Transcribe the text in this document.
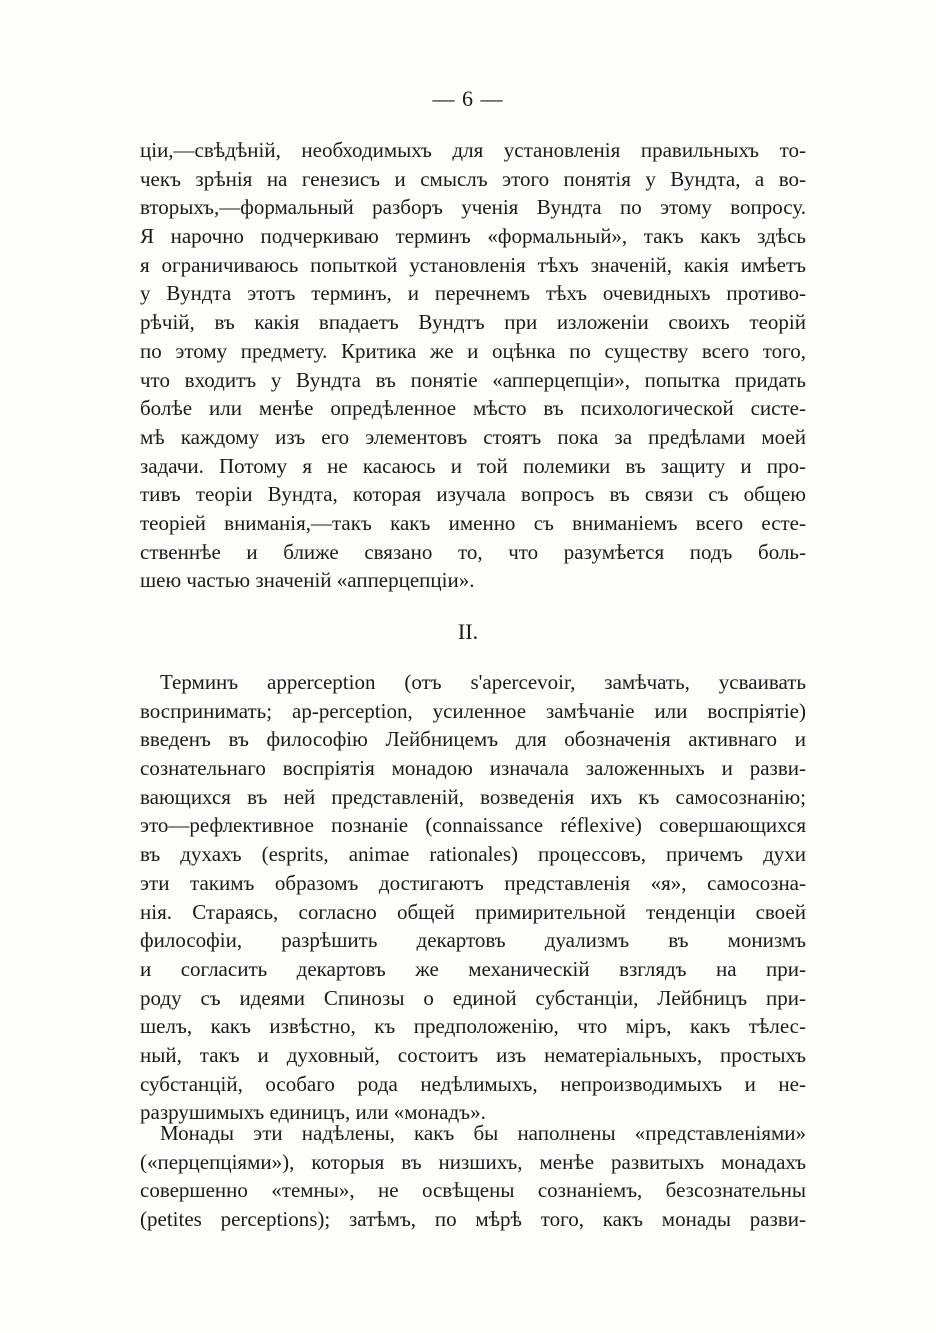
— 6 —
ціи,—свѣдѣній, необходимыхъ для установленія правильныхъ то-
чекъ зрѣнія на генезисъ и смыслъ этого понятія у Вундта, а во-
вторыхъ,—формальный разборъ ученія Вундта по этому вопросу.
Я нарочно подчеркиваю терминъ «формальный», такъ какъ здѣсь
я ограничиваюсь попыткой установленія тѣхъ значеній, какія имѣетъ
у Вундта этотъ терминъ, и перечнемъ тѣхъ очевидныхъ противо-
рѣчій, въ какія впадаетъ Вундтъ при изложеніи своихъ теорій
по этому предмету. Критика же и оцѣнка по существу всего того,
что входитъ у Вундта въ понятіе «апперцепціи», попытка придать
болѣе или менѣе опредѣленное мѣсто въ психологической систе-
мѣ каждому изъ его элементовъ стоятъ пока за предѣлами моей
задачи. Потому я не касаюсь и той полемики въ защиту и про-
тивъ теоріи Вундта, которая изучала вопросъ въ связи съ общею
теоріей вниманія,—такъ какъ именно съ вниманіемъ всего есте-
ственнѣе и ближе связано то, что разумѣется подъ боль-
шею частью значеній «апперцепціи».
II.
Терминъ apperception (отъ s'apercevoir, замѣчать, усваивать
воспринимать; ap-perception, усиленное замѣчаніе или воспріятіе)
введенъ въ философію Лейбницемъ для обозначенія активнаго и
сознательнаго воспріятія монадою изначала заложенныхъ и разви-
вающихся въ ней представленій, возведенія ихъ къ самосознанію;
это—рефлективное познаніе (connaissance réflexive) совершающихся
въ духахъ (esprits, animae rationales) процессовъ, причемъ духи
эти такимъ образомъ достигаютъ представленія «я», самосозна-
нія. Стараясь, согласно общей примирительной тенденціи своей
философіи, разрѣшить декартовъ дуализмъ въ монизмъ
и согласить декартовъ же механическій взглядъ на при-
роду съ идеями Спинозы о единой субстанціи, Лейбницъ при-
шелъ, какъ извѣстно, къ предположенію, что міръ, какъ тѣлес-
ный, такъ и духовный, состоитъ изъ нематеріальныхъ, простыхъ
субстанцій, особаго рода недѣлимыхъ, непроизводимыхъ и не-
разрушимыхъ единицъ, или «монадъ».
Монады эти надѣлены, какъ бы наполнены «представленіями»
(«перцепціями»), которыя въ низшихъ, менѣе развитыхъ монадахъ
совершенно «темны», не освѣщены сознаніемъ, безсознательны
(petites perceptions); затѣмъ, по мѣрѣ того, какъ монады разви-
